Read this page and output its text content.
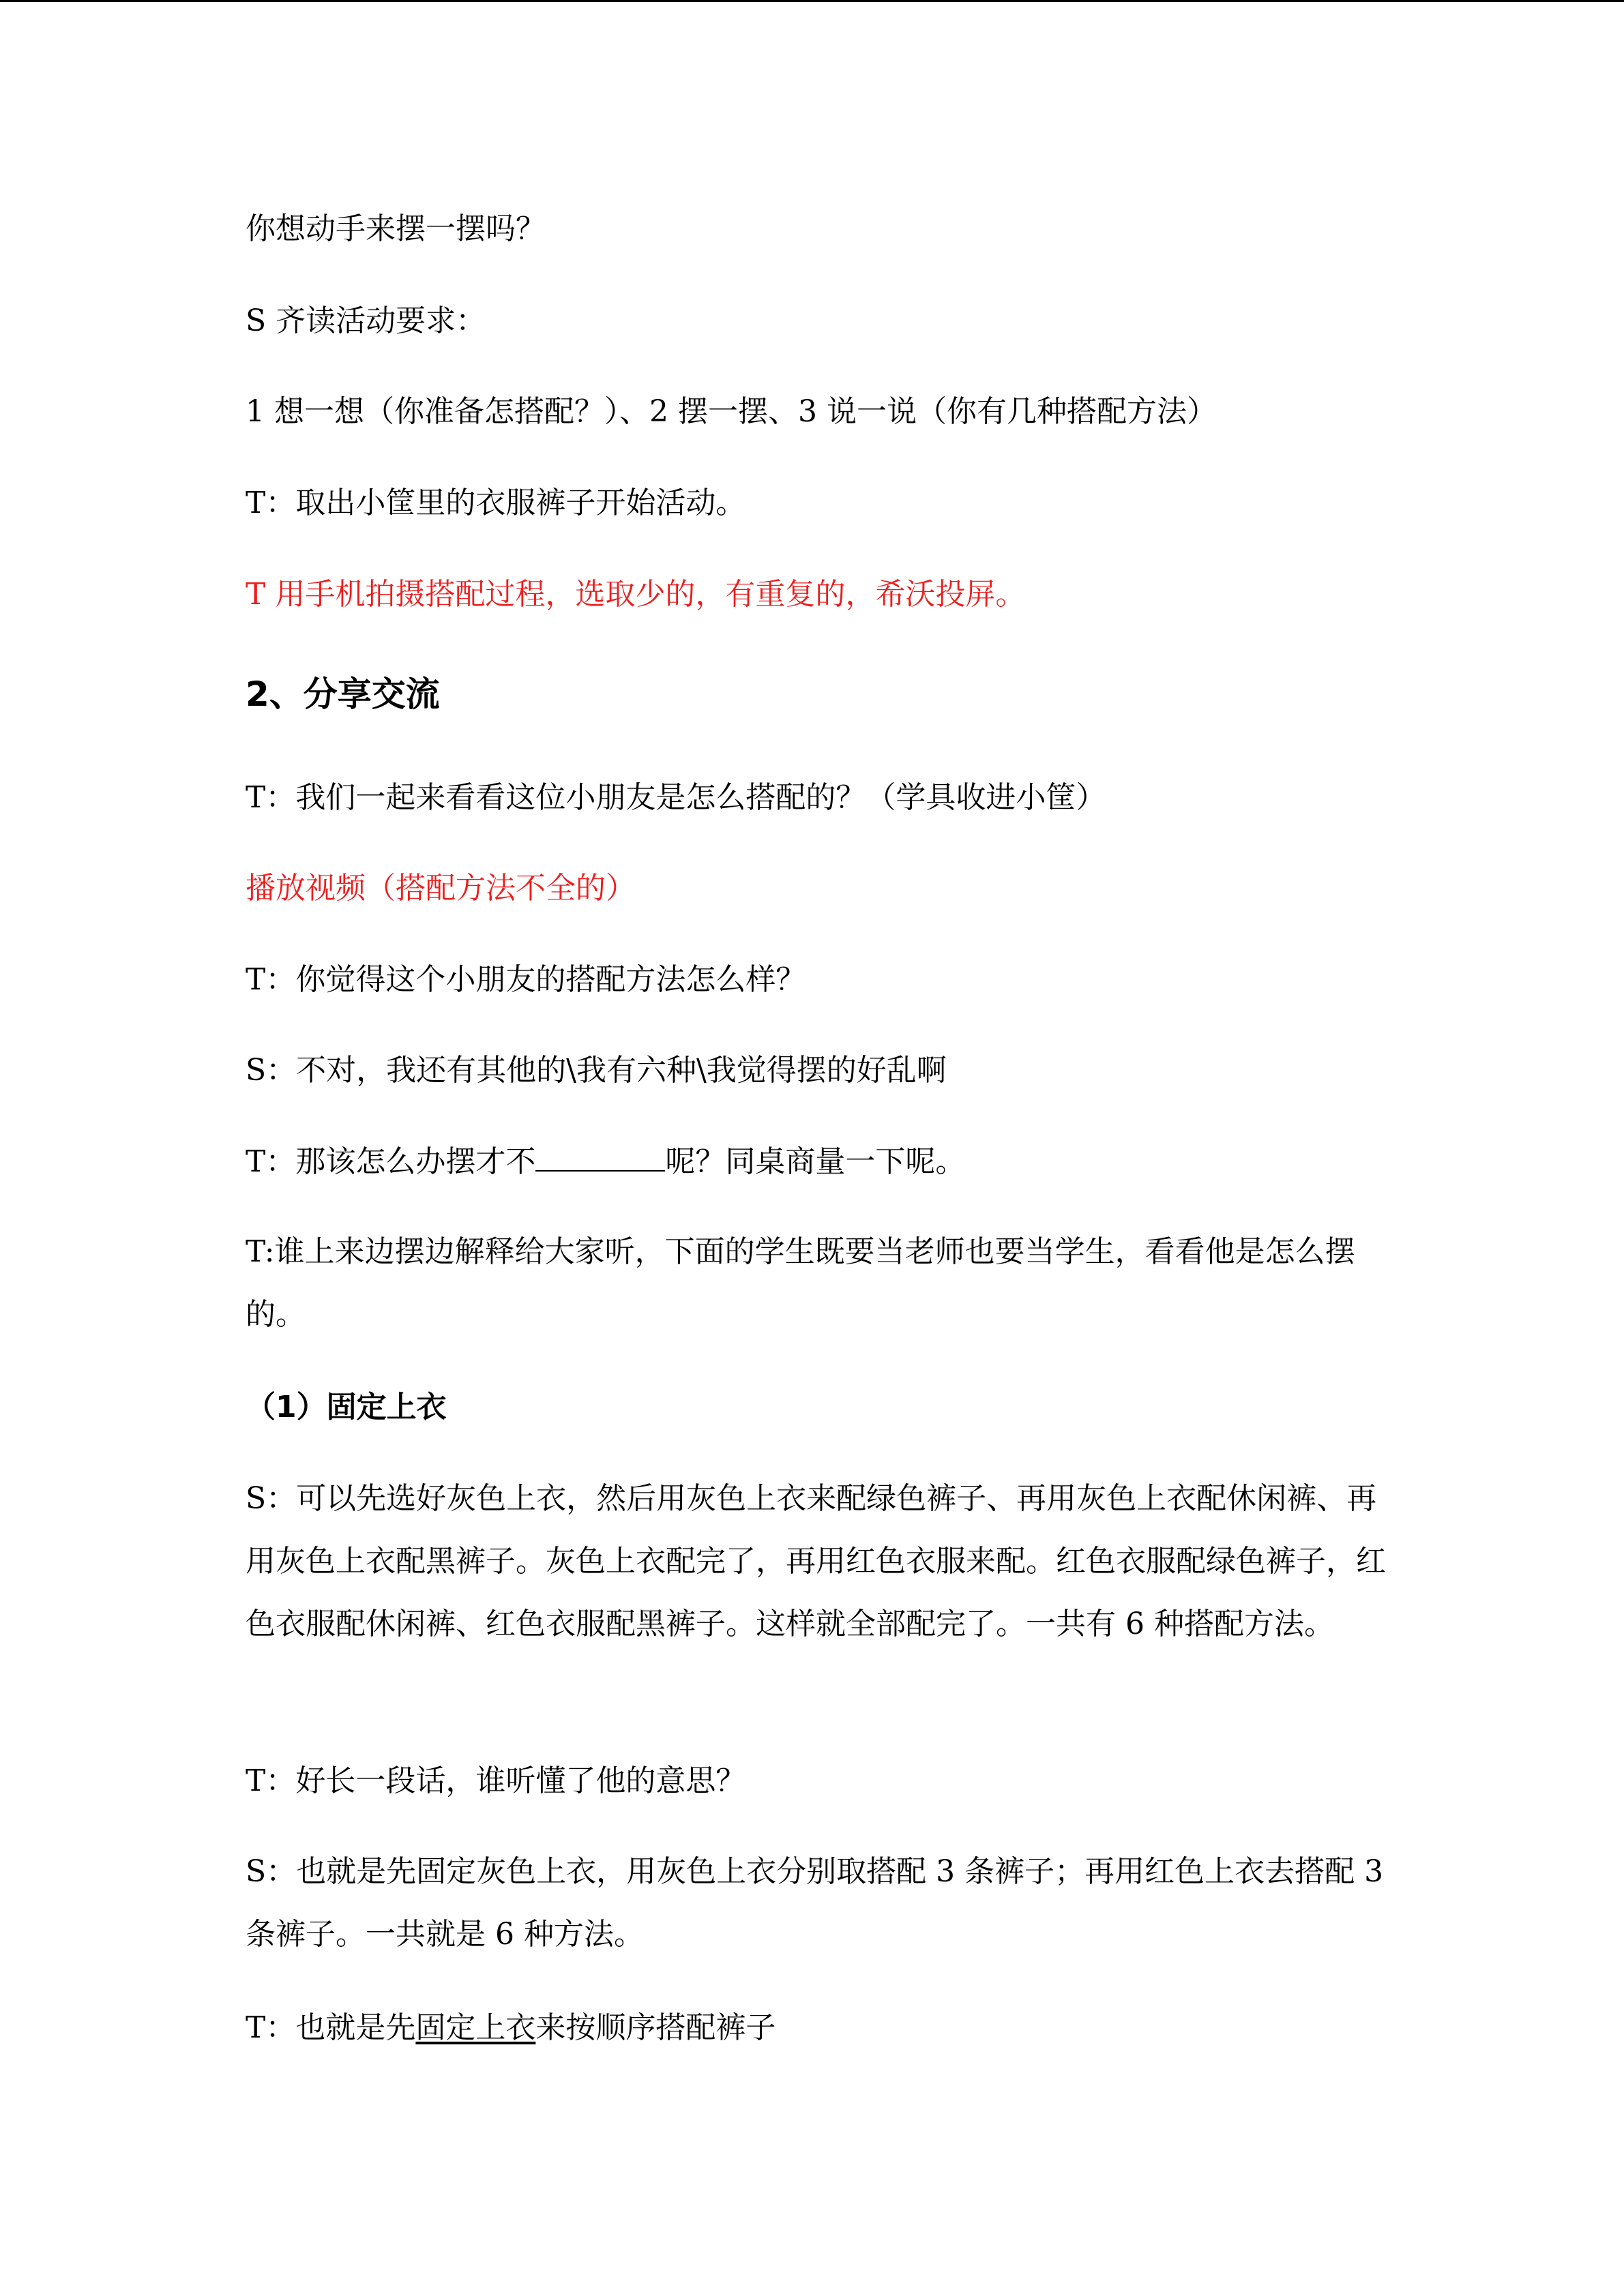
你想动手来摆一摆吗？
S 齐读活动要求：
1 想一想（你准备怎搭配？）、2 摆一摆、3 说一说（你有几种搭配方法）
T：取出小筐里的衣服裤子开始活动。
T 用手机拍摄搭配过程，选取少的，有重复的，希沃投屏。
2、分享交流
T：我们一起来看看这位小朋友是怎么搭配的？（学具收进小筐）
播放视频（搭配方法不全的）
T：你觉得这个小朋友的搭配方法怎么样？
S：不对，我还有其他的\我有六种\我觉得摆的好乱啊
T：那该怎么办摆才不	呢？同桌商量一下呢。
T:谁上来边摆边解释给大家听，下面的学生既要当老师也要当学生，看看他是怎么摆的。
（1）固定上衣
S：可以先选好灰色上衣，然后用灰色上衣来配绿色裤子、再用灰色上衣配休闲裤、再用灰色上衣配黑裤子。灰色上衣配完了，再用红色衣服来配。红色衣服配绿色裤子，红色衣服配休闲裤、红色衣服配黑裤子。这样就全部配完了。一共有 6 种搭配方法。
T：好长一段话，谁听懂了他的意思？
S：也就是先固定灰色上衣，用灰色上衣分别取搭配 3 条裤子；再用红色上衣去搭配 3 条裤子。一共就是 6 种方法。
T：也就是先固定上衣来按顺序搭配裤子
